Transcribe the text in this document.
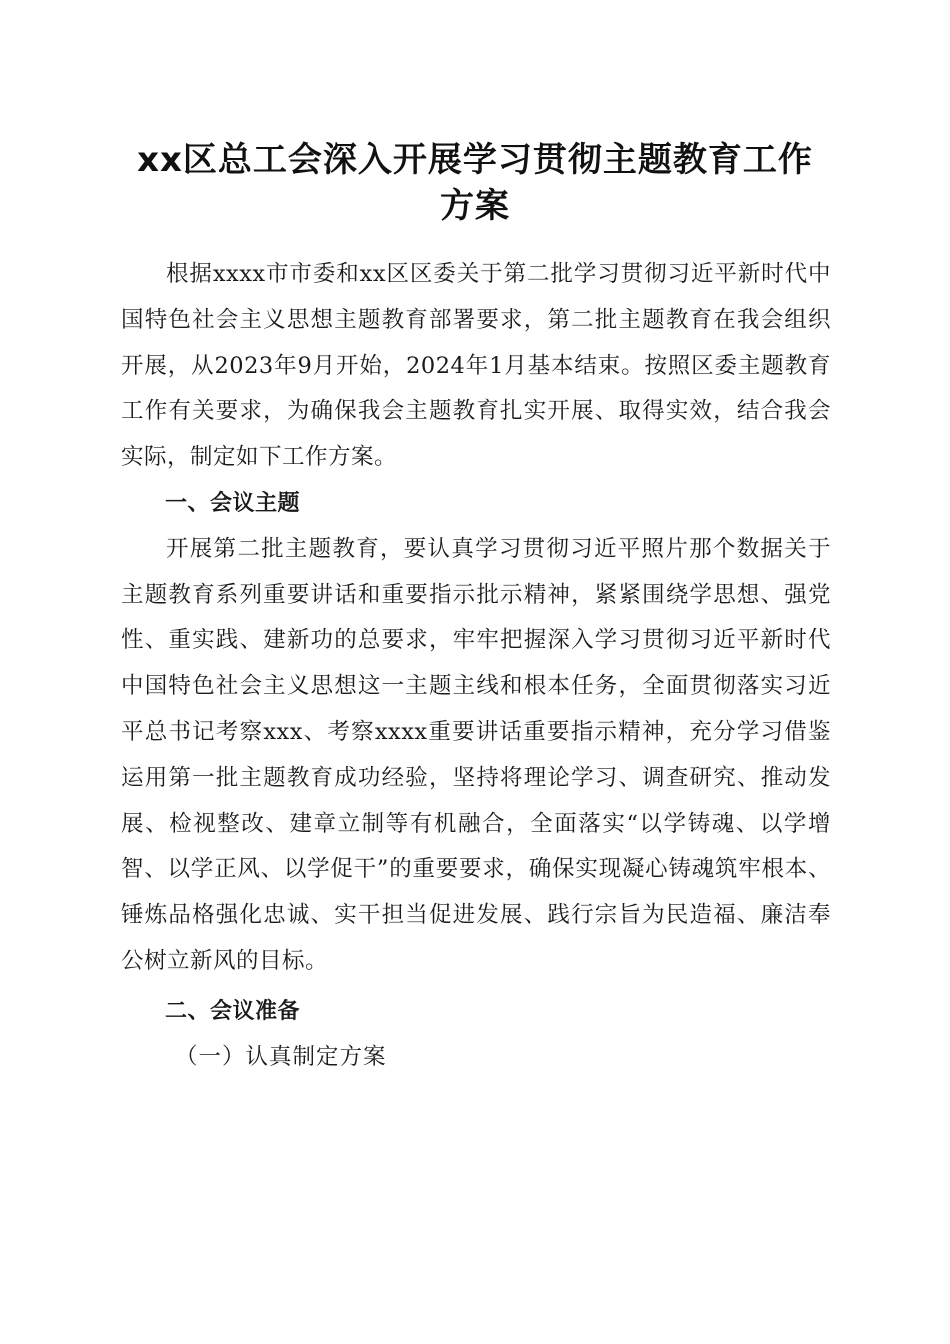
xx区总工会深入开展学习贯彻主题教育工作
方案

根据xxxx市市委和xx区区委关于第二批学习贯彻习近平新时代中国特色社会主义思想主题教育部署要求，第二批主题教育在我会组织开展，从2023年9月开始，2024年1月基本结束。按照区委主题教育工作有关要求，为确保我会主题教育扎实开展、取得实效，结合我会实际，制定如下工作方案。

一、会议主题

开展第二批主题教育，要认真学习贯彻习近平照片那个数据关于主题教育系列重要讲话和重要指示批示精神，紧紧围绕学思想、强党性、重实践、建新功的总要求，牢牢把握深入学习贯彻习近平新时代中国特色社会主义思想这一主题主线和根本任务，全面贯彻落实习近平总书记考察xxx、考察xxxx重要讲话重要指示精神，充分学习借鉴运用第一批主题教育成功经验，坚持将理论学习、调查研究、推动发展、检视整改、建章立制等有机融合，全面落实“以学铸魂、以学增智、以学正风、以学促干”的重要要求，确保实现凝心铸魂筑牢根本、锤炼品格强化忠诚、实干担当促进发展、践行宗旨为民造福、廉洁奉公树立新风的目标。

二、会议准备

（一）认真制定方案
